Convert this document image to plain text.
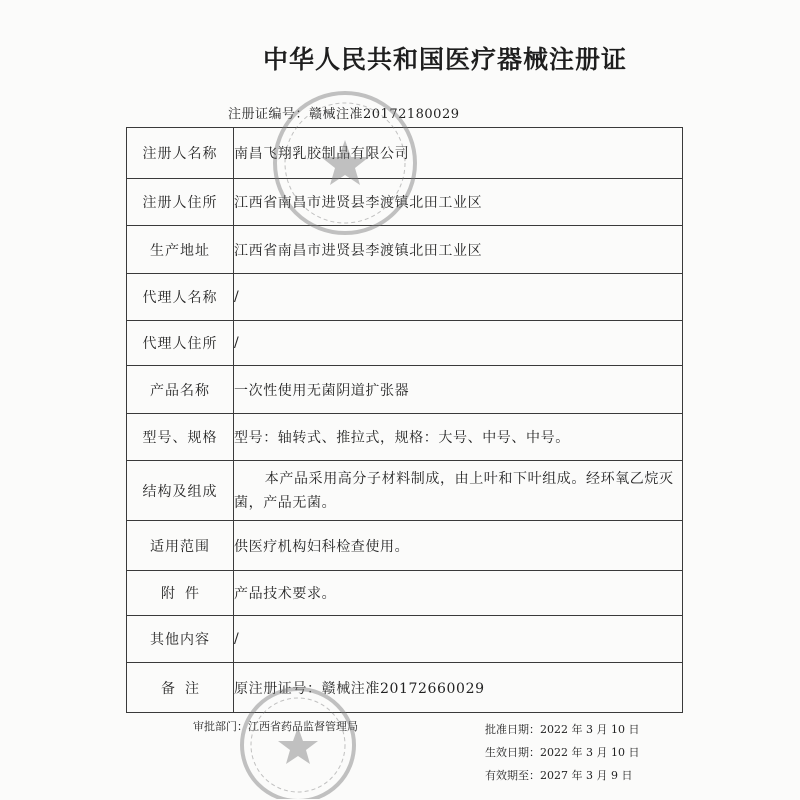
中华人民共和国医疗器械注册证
注册证编号：赣械注准20172180029
注册人名称	南昌飞翔乳胶制品有限公司
注册人住所	江西省南昌市进贤县李渡镇北田工业区
生产地址	江西省南昌市进贤县李渡镇北田工业区
代理人名称	/
代理人住所	/
产品名称	一次性使用无菌阴道扩张器
型号、规格	型号：轴转式、推拉式，规格：大号、中号、中号。
结构及组成	本产品采用高分子材料制成，由上叶和下叶组成。经环氧乙烷灭菌，产品无菌。

适用范围	供医疗机构妇科检查使用。
附件	产品技术要求。
其他内容	/
备注	原注册证号：赣械注准20172660029
审批部门：江西省药品监督管理局	批准日期：2022 年 3 月 10 日
生效日期：2022 年 3 月 10 日
有效期至：2027 年 3 月 9 日
